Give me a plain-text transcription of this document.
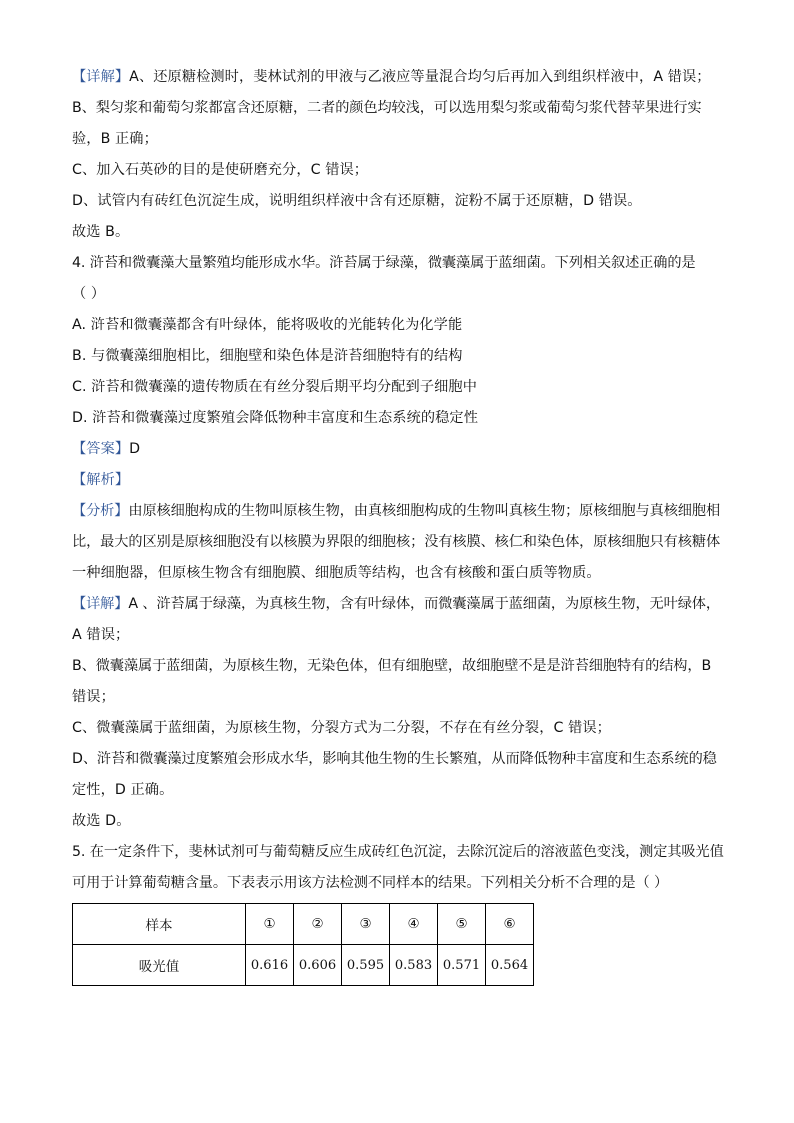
【详解】A、还原糖检测时，斐林试剂的甲液与乙液应等量混合均匀后再加入到组织样液中，A 错误；
B、梨匀浆和葡萄匀浆都富含还原糖，二者的颜色均较浅，可以选用梨匀浆或葡萄匀浆代替苹果进行实
验，B 正确；
C、加入石英砂的目的是使研磨充分，C 错误；
D、试管内有砖红色沉淀生成，说明组织样液中含有还原糖，淀粉不属于还原糖，D 错误。
故选 B。
4. 浒苔和微囊藻大量繁殖均能形成水华。浒苔属于绿藻，微囊藻属于蓝细菌。下列相关叙述正确的是
（ ）
A. 浒苔和微囊藻都含有叶绿体，能将吸收的光能转化为化学能
B. 与微囊藻细胞相比，细胞壁和染色体是浒苔细胞特有的结构
C. 浒苔和微囊藻的遗传物质在有丝分裂后期平均分配到子细胞中
D. 浒苔和微囊藻过度繁殖会降低物种丰富度和生态系统的稳定性
【答案】D
【解析】
【分析】由原核细胞构成的生物叫原核生物，由真核细胞构成的生物叫真核生物；原核细胞与真核细胞相
比，最大的区别是原核细胞没有以核膜为界限的细胞核；没有核膜、核仁和染色体，原核细胞只有核糖体
一种细胞器，但原核生物含有细胞膜、细胞质等结构，也含有核酸和蛋白质等物质。
【详解】A 、浒苔属于绿藻，为真核生物，含有叶绿体，而微囊藻属于蓝细菌，为原核生物，无叶绿体，
A 错误；
B、微囊藻属于蓝细菌，为原核生物，无染色体，但有细胞壁，故细胞壁不是是浒苔细胞特有的结构，B
错误；
C、微囊藻属于蓝细菌，为原核生物，分裂方式为二分裂，不存在有丝分裂，C 错误；
D、浒苔和微囊藻过度繁殖会形成水华，影响其他生物的生长繁殖，从而降低物种丰富度和生态系统的稳
定性，D 正确。
故选 D。
5. 在一定条件下，斐林试剂可与葡萄糖反应生成砖红色沉淀，去除沉淀后的溶液蓝色变浅，测定其吸光值
可用于计算葡萄糖含量。下表表示用该方法检测不同样本的结果。下列相关分析不合理的是（ ）
样本	①	②	③	④	⑤	⑥
吸光值	0.616	0.606	0.595	0.583	0.571	0.564
